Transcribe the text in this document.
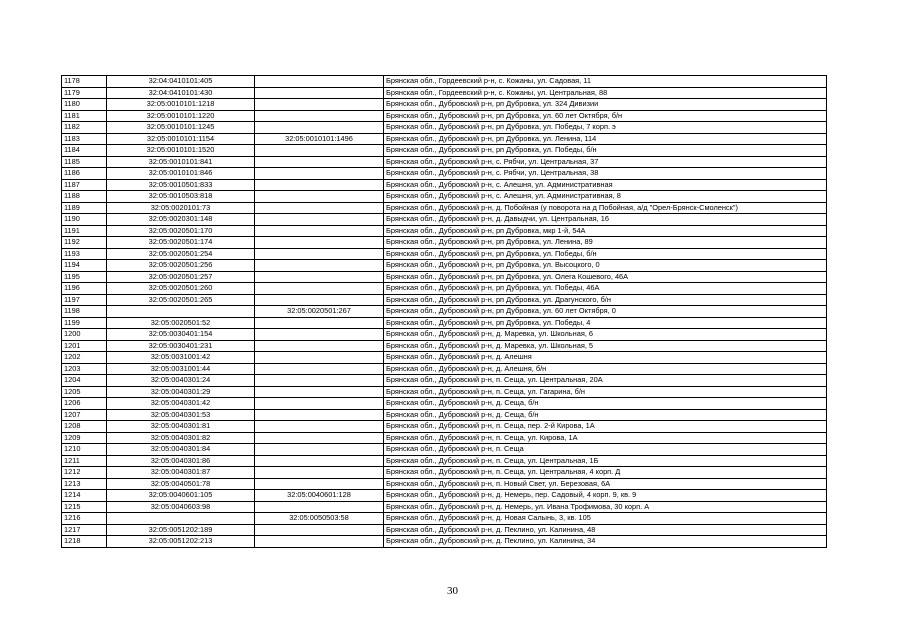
1178	32:04:0410101:405		Брянская обл., Гордеевский р-н, с. Кожаны, ул. Садовая, 11
1179	32:04:0410101:430		Брянская обл., Гордеевский р-н, с. Кожаны, ул. Центральная, 88
1180	32:05:0010101:1218		Брянская обл., Дубровский р-н, рп Дубровка, ул. 324 Дивизии
1181	32:05:0010101:1220		Брянская обл., Дубровский р-н, рп Дубровка, ул. 60 лет Октября, б/н
1182	32:05:0010101:1245		Брянская обл., Дубровский р-н, рп Дубровка, ул. Победы, 7 корп. э
1183	32:05:0010101:1154	32:05:0010101:1496	Брянская обл., Дубровский р-н, рп Дубровка, ул. Ленина, 114
1184	32:05:0010101:1520		Брянская обл., Дубровский р-н, рп Дубровка, ул. Победы, б/н
1185	32:05:0010101:841		Брянская обл., Дубровский р-н, с. Рябчи, ул. Центральная, 37
1186	32:05:0010101:846		Брянская обл., Дубровский р-н, с. Рябчи, ул. Центральная, 38
1187	32:05:0010501:833		Брянская обл., Дубровский р-н, с. Алешня, ул. Административная
1188	32:05:0010503:818		Брянская обл., Дубровский р-н, с. Алешня, ул. Административная, 8
1189	32:05:0020101:73		Брянская обл., Дубровский р-н, д. Побойная (у поворота на д Побойная, а/д "Орел-Брянск-Смоленск")
1190	32:05:0020301:148		Брянская обл., Дубровский р-н, д. Давыдчи, ул. Центральная, 16
1191	32:05:0020501:170		Брянская обл., Дубровский р-н, рп Дубровка, мкр 1-й, 54А
1192	32:05:0020501:174		Брянская обл., Дубровский р-н, рп Дубровка, ул. Ленина, 89
1193	32:05:0020501:254		Брянская обл., Дубровский р-н, рп Дубровка, ул. Победы, б/н
1194	32:05:0020501:256		Брянская обл., Дубровский р-н, рп Дубровка, ул. Высоцкого, 0
1195	32:05:0020501:257		Брянская обл., Дубровский р-н, рп Дубровка, ул. Олега Кошевого, 46А
1196	32:05:0020501:260		Брянская обл., Дубровский р-н, рп Дубровка, ул. Победы, 46А
1197	32:05:0020501:265		Брянская обл., Дубровский р-н, рп Дубровка, ул. Драгунского, б/н
1198		32:05:0020501:267	Брянская обл., Дубровский р-н, рп Дубровка, ул. 60 лет Октября, 0
1199	32:05:0020501:52		Брянская обл., Дубровский р-н, рп Дубровка, ул. Победы, 4
1200	32:05:0030401:154		Брянская обл., Дубровский р-н, д. Маревка, ул. Школьная, 6
1201	32:05:0030401:231		Брянская обл., Дубровский р-н, д. Маревка, ул. Школьная, 5
1202	32:05:0031001:42		Брянская обл., Дубровский р-н, д. Алешня
1203	32:05:0031001:44		Брянская обл., Дубровский р-н, д. Алешня, б/н
1204	32:05:0040301:24		Брянская обл., Дубровский р-н, п. Сеща, ул. Центральная, 20А
1205	32:05:0040301:29		Брянская обл., Дубровский р-н, п. Сеща, ул. Гагарина, б/н
1206	32:05:0040301:42		Брянская обл., Дубровский р-н, д. Сеща, б/н
1207	32:05:0040301:53		Брянская обл., Дубровский р-н, д. Сеща, б/н
1208	32:05:0040301:81		Брянская обл., Дубровский р-н, п. Сеща, пер. 2-й Кирова, 1А
1209	32:05:0040301:82		Брянская обл., Дубровский р-н, п. Сеща, ул. Кирова, 1А
1210	32:05:0040301:84		Брянская обл., Дубровский р-н, п. Сеща
1211	32:05:0040301:86		Брянская обл., Дубровский р-н, п. Сеща, ул. Центральная, 1Б
1212	32:05:0040301:87		Брянская обл., Дубровский р-н, п. Сеща, ул. Центральная, 4 корп. Д
1213	32:05:0040501:78		Брянская обл., Дубровский р-н, п. Новый Свет, ул. Березовая, 6А
1214	32:05:0040601:105	32:05:0040601:128	Брянская обл., Дубровский р-н, д. Немерь, пер. Садовый, 4 корп. 9, кв. 9
1215	32:05:0040603:98		Брянская обл., Дубровский р-н, д. Немерь, ул. Ивана Трофимова, 30 корп. А
1216		32:05:0050503:58	Брянская обл., Дубровский р-н, д. Новая Салынь, 3, кв. 105
1217	32:05:0051202:189		Брянская обл., Дубровский р-н, д. Пеклино, ул. Калинина, 48
1218	32:05:0051202:213		Брянская обл., Дубровский р-н, д. Пеклино, ул. Калинина, 34
30
